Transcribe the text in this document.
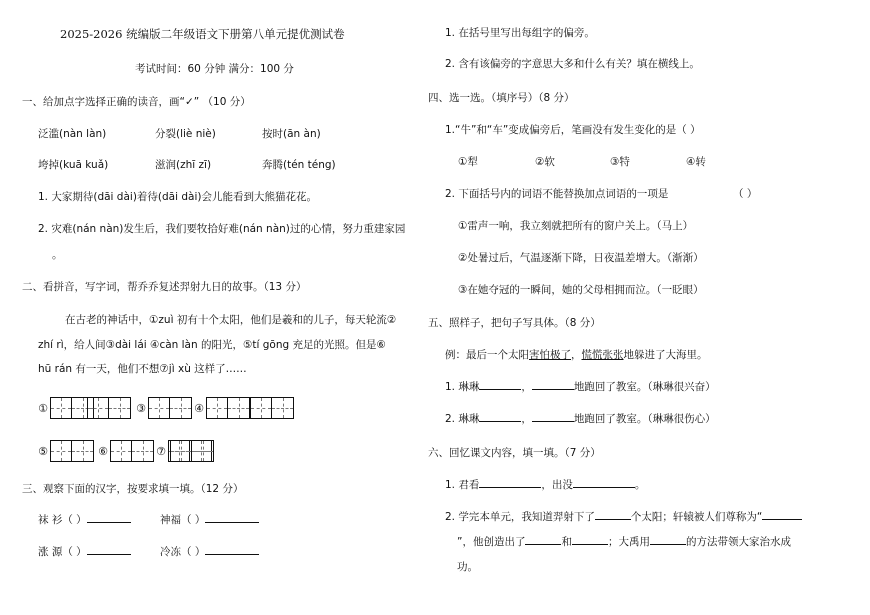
2025-2026 统编版二年级语文下册第八单元提优测试卷
考试时间：60 分钟 满分：100 分
一、给加点字选择正确的读音，画“✓” （10 分）
泛滥(nàn làn)	分裂(liè niè)	按时(ān àn)
垮掉(kuā kuǎ)	滋润(zhī zī)	奔腾(tén téng)
1. 大家期待(dāi dài)着待(dāi dài)会儿能看到大熊猫花花。
2. 灾难(nán nàn)发生后，我们要牧拾好难(nán nàn)过的心情，努力重建家园
。
二、看拼音，写字词，帮乔乔复述羿射九日的故事。（13 分）
在古老的神话中，①zuì 初有十个太阳，他们是羲和的儿子，每天轮流②
zhí rì，给人间③dài lái ④càn làn 的阳光，⑤tí gōng 充足的光照。但是⑥
hū rán 有一天，他们不想⑦jì xù 这样了……
①	③	④
⑤	⑥	⑦
三、观察下面的汉字，按要求填一填。（12 分）
袜 衫（ ）	神福（ ）
涨 源（ ）	冷冻（ ）
1. 在括号里写出每组字的偏旁。
2. 含有该偏旁的字意思大多和什么有关？填在横线上。
四、选一选。（填序号）（8 分）
1.“牛”和“车”变成偏旁后，笔画没有发生变化的是（ ）
①犁	②软	③特	④转
2. 下面括号内的词语不能替换加点词语的一项是	（ ）
①雷声一响，我立刻就把所有的窗户关上。（马上）
②处暑过后，气温逐渐下降，日夜温差增大。（渐渐）
③在她夺冠的一瞬间，她的父母相拥而泣。（一眨眼）
五、照样子，把句子写具体。（8 分）
例：最后一个太阳害怕极了，慌慌张张地躲进了大海里。
1. 琳琳	，	地跑回了教室。（琳琳很兴奋）
2. 琳琳	，	地跑回了教室。（琳琳很伤心）
六、回忆课文内容，填一填。（7 分）
1. 君看	，出没	。
2. 学完本单元，我知道羿射下了	个太阳；轩辕被人们尊称为“
”，他创造出了	和	；大禹用	的方法带领大家治水成
功。
